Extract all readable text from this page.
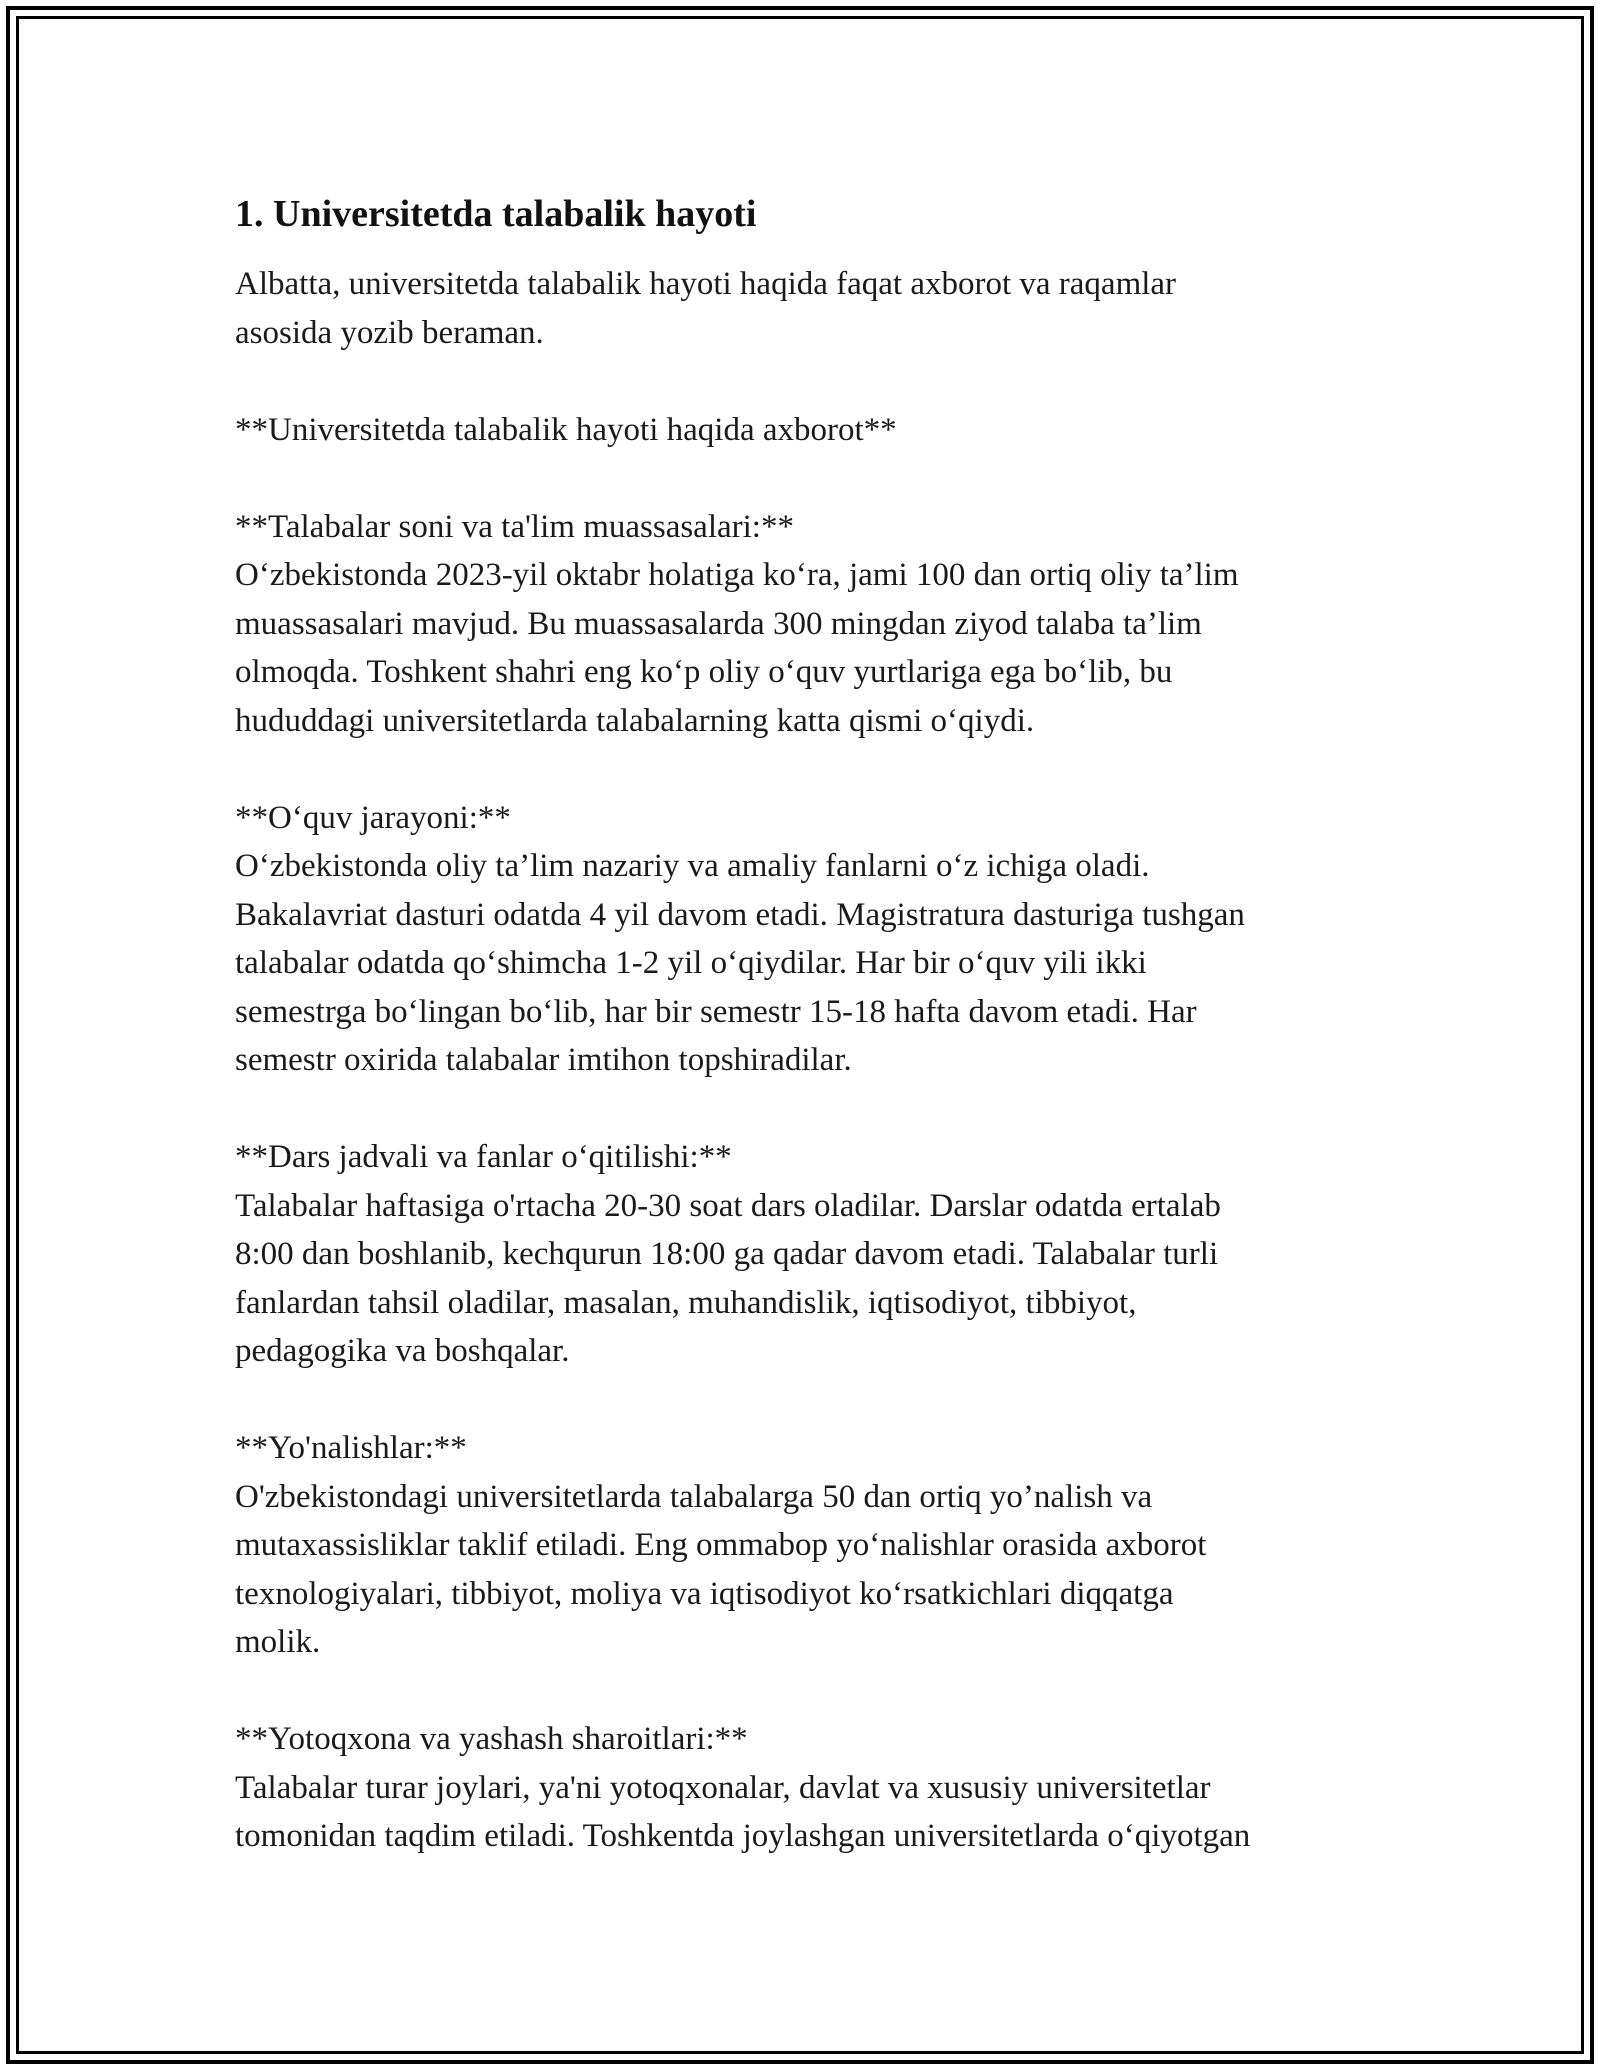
1. Universitetda talabalik hayoti

Albatta, universitetda talabalik hayoti haqida faqat axborot va raqamlar

asosida yozib beraman.

**Universitetda talabalik hayoti haqida axborot**

**Talabalar soni va ta'lim muassasalari:**

O‘zbekistonda 2023-yil oktabr holatiga ko‘ra, jami 100 dan ortiq oliy ta’lim

muassasalari mavjud. Bu muassasalarda 300 mingdan ziyod talaba ta’lim

olmoqda. Toshkent shahri eng ko‘p oliy o‘quv yurtlariga ega bo‘lib, bu

hududdagi universitetlarda talabalarning katta qismi o‘qiydi.

**O‘quv jarayoni:**

O‘zbekistonda oliy ta’lim nazariy va amaliy fanlarni o‘z ichiga oladi.

Bakalavriat dasturi odatda 4 yil davom etadi. Magistratura dasturiga tushgan

talabalar odatda qo‘shimcha 1-2 yil o‘qiydilar. Har bir o‘quv yili ikki

semestrga bo‘lingan bo‘lib, har bir semestr 15-18 hafta davom etadi. Har

semestr oxirida talabalar imtihon topshiradilar.

**Dars jadvali va fanlar o‘qitilishi:**

Talabalar haftasiga o'rtacha 20-30 soat dars oladilar. Darslar odatda ertalab

8:00 dan boshlanib, kechqurun 18:00 ga qadar davom etadi. Talabalar turli

fanlardan tahsil oladilar, masalan, muhandislik, iqtisodiyot, tibbiyot,

pedagogika va boshqalar.

**Yo'nalishlar:**

O'zbekistondagi universitetlarda talabalarga 50 dan ortiq yo’nalish va

mutaxassisliklar taklif etiladi. Eng ommabop yo‘nalishlar orasida axborot

texnologiyalari, tibbiyot, moliya va iqtisodiyot ko‘rsatkichlari diqqatga

molik.

**Yotoqxona va yashash sharoitlari:**

Talabalar turar joylari, ya'ni yotoqxonalar, davlat va xususiy universitetlar

tomonidan taqdim etiladi. Toshkentda joylashgan universitetlarda o‘qiyotgan
